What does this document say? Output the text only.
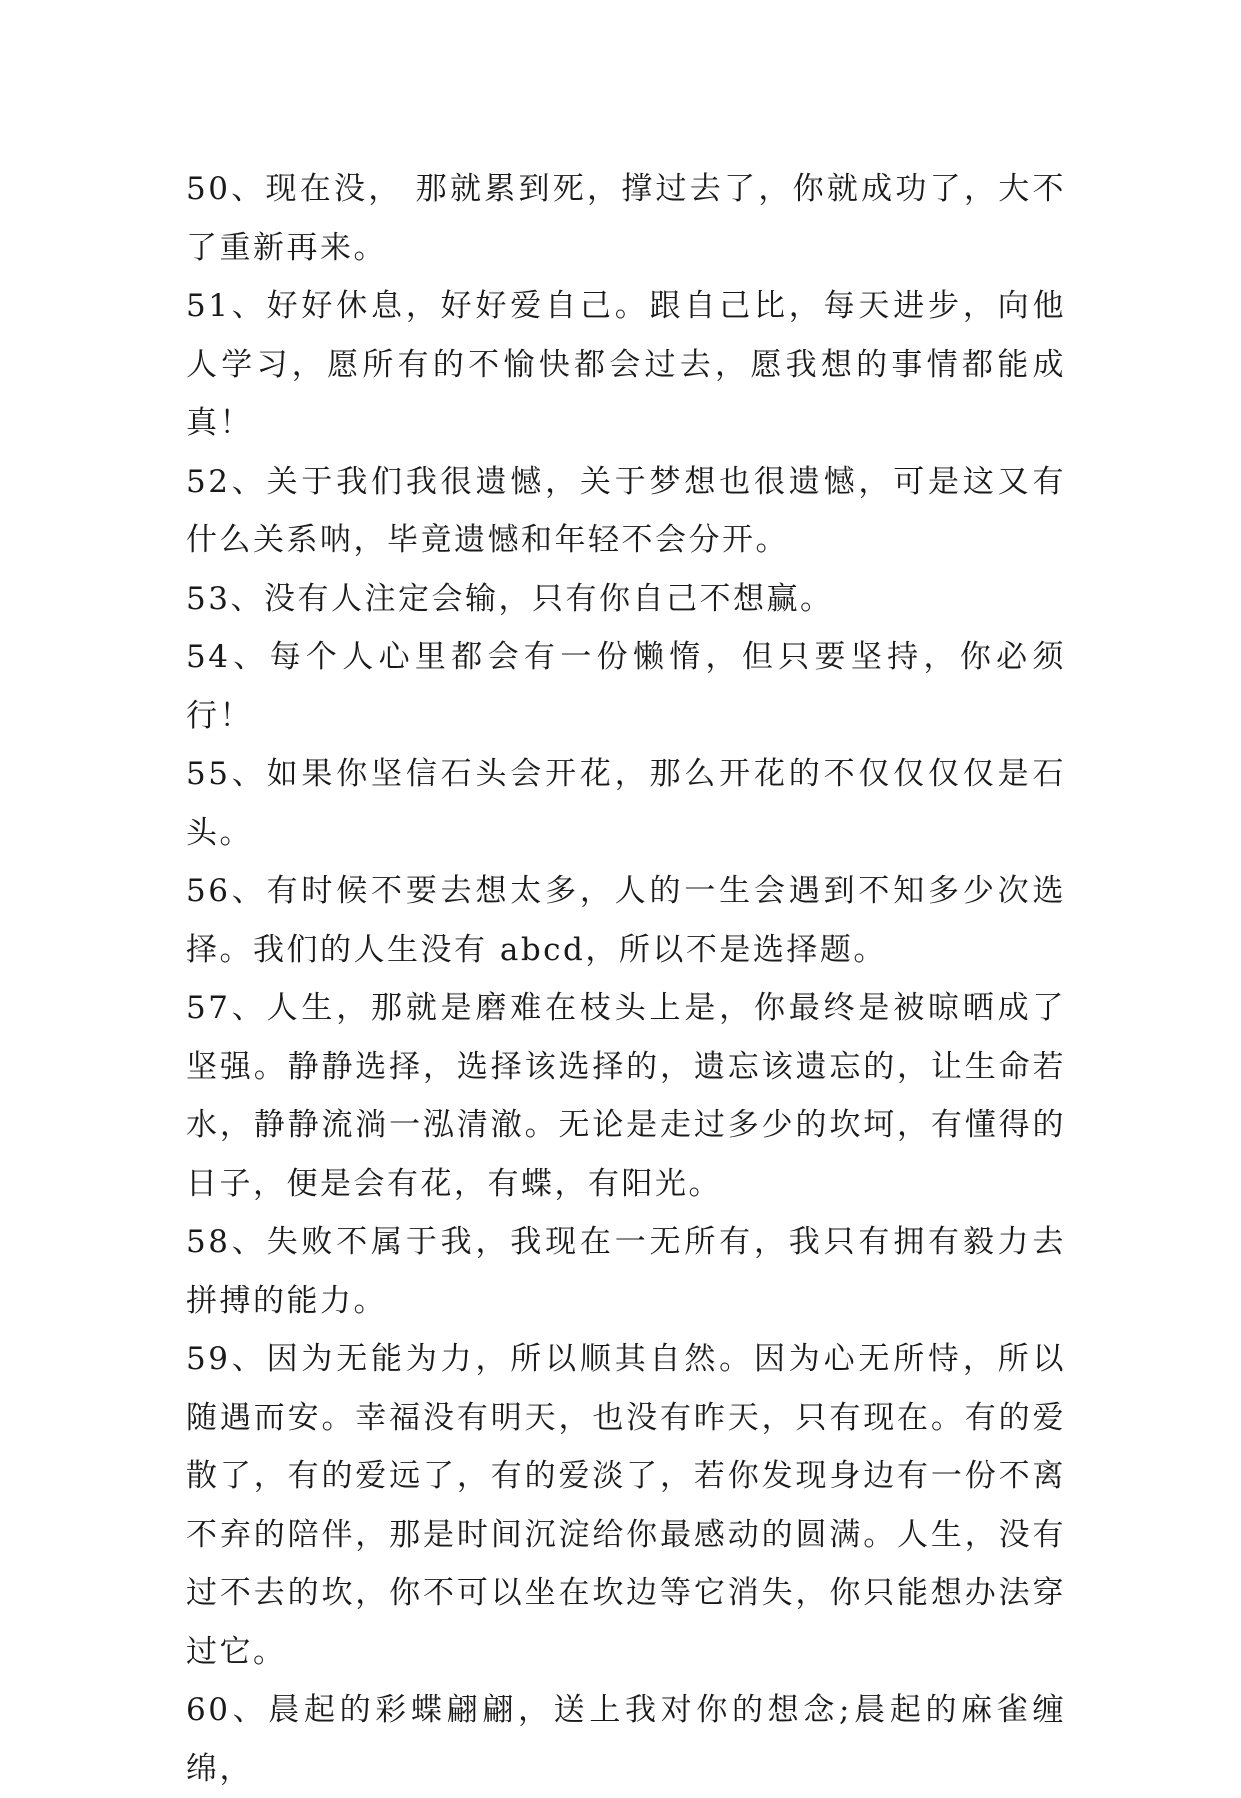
50、现在没， 那就累到死，撑过去了，你就成功了，大不了重新再来。

51、好好休息，好好爱自己。跟自己比，每天进步，向他人学习，愿所有的不愉快都会过去，愿我想的事情都能成真！

52、关于我们我很遗憾，关于梦想也很遗憾，可是这又有什么关系呐，毕竟遗憾和年轻不会分开。

53、没有人注定会输，只有你自己不想赢。

54、每个人心里都会有一份懒惰，但只要坚持，你必须行！

55、如果你坚信石头会开花，那么开花的不仅仅仅仅是石头。

56、有时候不要去想太多，人的一生会遇到不知多少次选择。我们的人生没有 abcd，所以不是选择题。

57、人生，那就是磨难在枝头上是，你最终是被晾晒成了坚强。静静选择，选择该选择的，遗忘该遗忘的，让生命若水，静静流淌一泓清澈。无论是走过多少的坎坷，有懂得的日子，便是会有花，有蝶，有阳光。

58、失败不属于我，我现在一无所有，我只有拥有毅力去拼搏的能力。

59、因为无能为力，所以顺其自然。因为心无所恃，所以随遇而安。幸福没有明天，也没有昨天，只有现在。有的爱散了，有的爱远了，有的爱淡了，若你发现身边有一份不离不弃的陪伴，那是时间沉淀给你最感动的圆满。人生，没有过不去的坎，你不可以坐在坎边等它消失，你只能想办法穿过它。

60、晨起的彩蝶翩翩，送上我对你的想念;晨起的麻雀缠绵，
